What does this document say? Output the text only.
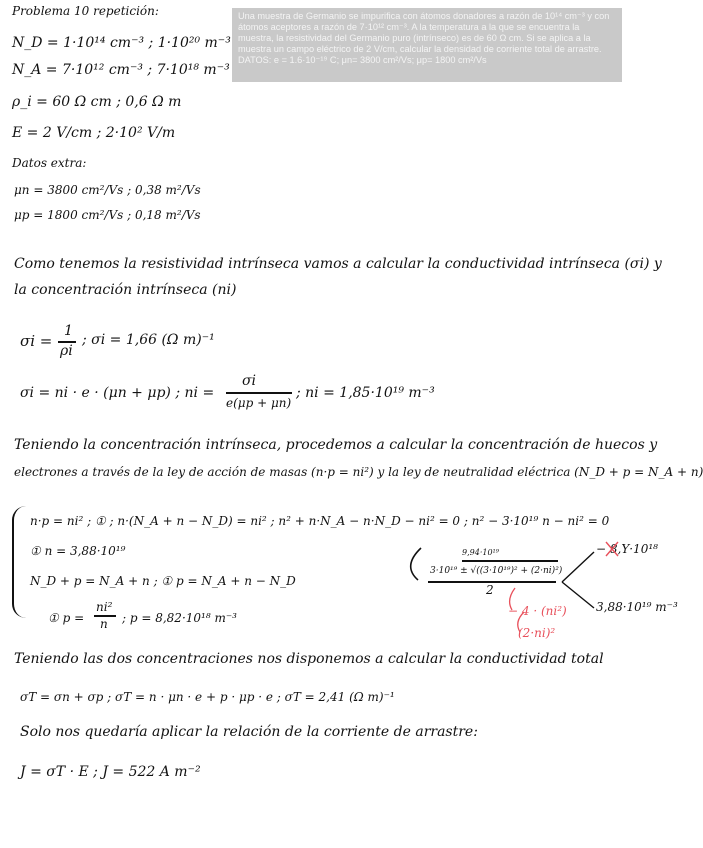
Problema 10 repetición:	Una muestra de Germanio se impurifica con átomos donadores a razón de 10¹⁴ cm⁻³ y con átomos aceptores a razón de 7·10¹² cm⁻³. A la temperatura a la que se encuentra la muestra, la resistividad del Germanio puro (intrínseco) es de 60 Ω cm. Si se aplica a la muestra un campo eléctrico de 2 V/cm, calcular la densidad de corriente total de arrastre.

DATOS: e = 1.6·10⁻¹⁹ C; μn= 3800 cm²/Vs; μp= 1800 cm²/Vs

N_D = 1·10¹⁴ cm⁻³ ; 1·10²⁰ m⁻³
N_A = 7·10¹² cm⁻³ ; 7·10¹⁸ m⁻³
ρ_i = 60 Ω cm ; 0,6 Ω m
E = 2 V/cm ; 2·10² V/m
Datos extra:
μn = 3800 cm²/Vs ; 0,38 m²/Vs
μp = 1800 cm²/Vs ; 0,18 m²/Vs
Como tenemos la resistividad intrínseca vamos a calcular la conductividad intrínseca (σi) y
la concentración intrínseca (ni)
σi =
1
ρi
; σi = 1,66 (Ω m)⁻¹
σi = ni · e · (μn + μp) ; ni =
σi
e(μp + μn)
; ni = 1,85·10¹⁹ m⁻³
Teniendo la concentración intrínseca, procedemos a calcular la concentración de huecos y
electrones a través de la ley de acción de masas (n·p = ni²) y la ley de neutralidad eléctrica (N_D + p = N_A + n)
n·p = ni² ; ① ; n·(N_A + n − N_D) = ni² ; n² + n·N_A − n·N_D − ni² = 0 ; n² − 3·10¹⁹ n − ni² = 0
① n = 3,88·10¹⁹
N_D + p = N_A + n ; ① p = N_A + n − N_D
① p =
ni²
n ; p = 8,82·10¹⁸ m⁻³
9,94·10¹⁹
3·10¹⁹ ± √((3·10¹⁹)² + (2·ni)²)
2
− 8,Y·10¹⁸
3,88·10¹⁹ m⁻³
− 4 · (ni²)
(2·ni)²
Teniendo las dos concentraciones nos disponemos a calcular la conductividad total
σT = σn + σp ; σT = n · μn · e + p · μp · e ; σT = 2,41 (Ω m)⁻¹
Solo nos quedaría aplicar la relación de la corriente de arrastre:
J = σT · E ; J = 522 A m⁻²
